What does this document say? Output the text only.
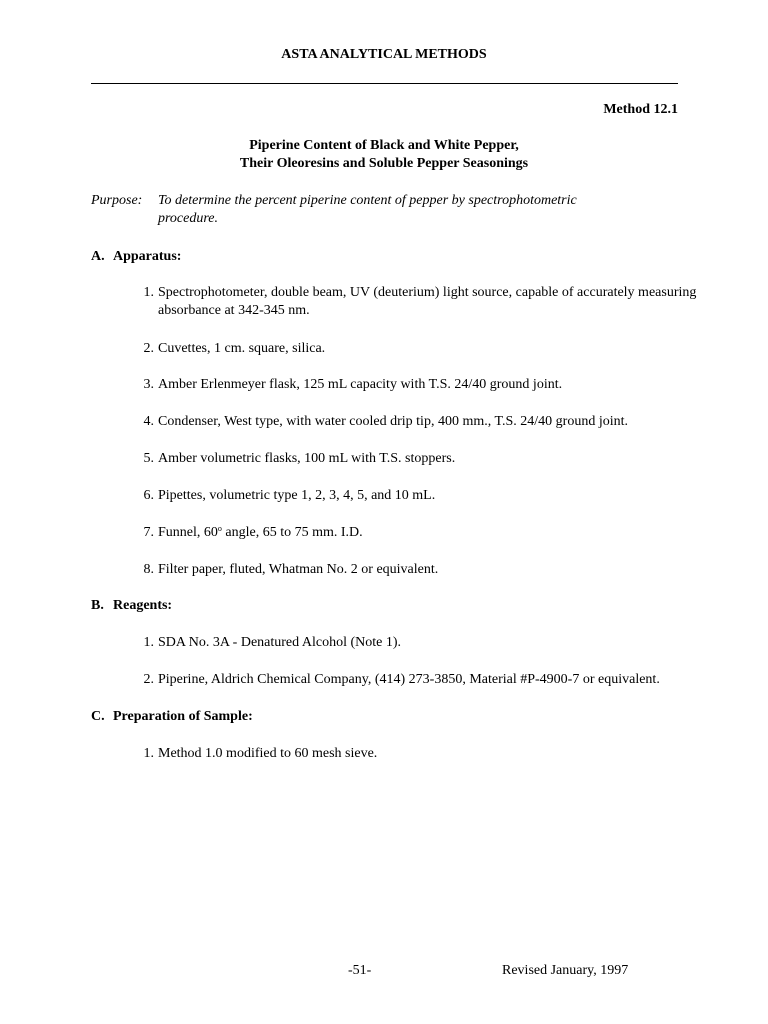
ASTA ANALYTICAL METHODS
Method 12.1
Piperine Content of Black and White Pepper,
Their Oleoresins and Soluble Pepper Seasonings
Purpose: To determine the percent piperine content of pepper by spectrophotometric procedure.
A. Apparatus:
1. Spectrophotometer, double beam, UV (deuterium) light source, capable of accurately measuring absorbance at 342-345 nm.
2. Cuvettes, 1 cm. square, silica.
3. Amber Erlenmeyer flask, 125 mL capacity with T.S. 24/40 ground joint.
4. Condenser, West type, with water cooled drip tip, 400 mm., T.S. 24/40 ground joint.
5. Amber volumetric flasks, 100 mL with T.S. stoppers.
6. Pipettes, volumetric type 1, 2, 3, 4, 5, and 10 mL.
7. Funnel, 60$^o$ angle, 65 to 75 mm. I.D.
8. Filter paper, fluted, Whatman No. 2 or equivalent.
B. Reagents:
1. SDA No. 3A - Denatured Alcohol (Note 1).
2. Piperine, Aldrich Chemical Company, (414) 273-3850, Material #P-4900-7 or equivalent.
C. Preparation of Sample:
1. Method 1.0 modified to 60 mesh sieve.
-51-	Revised January, 1997
